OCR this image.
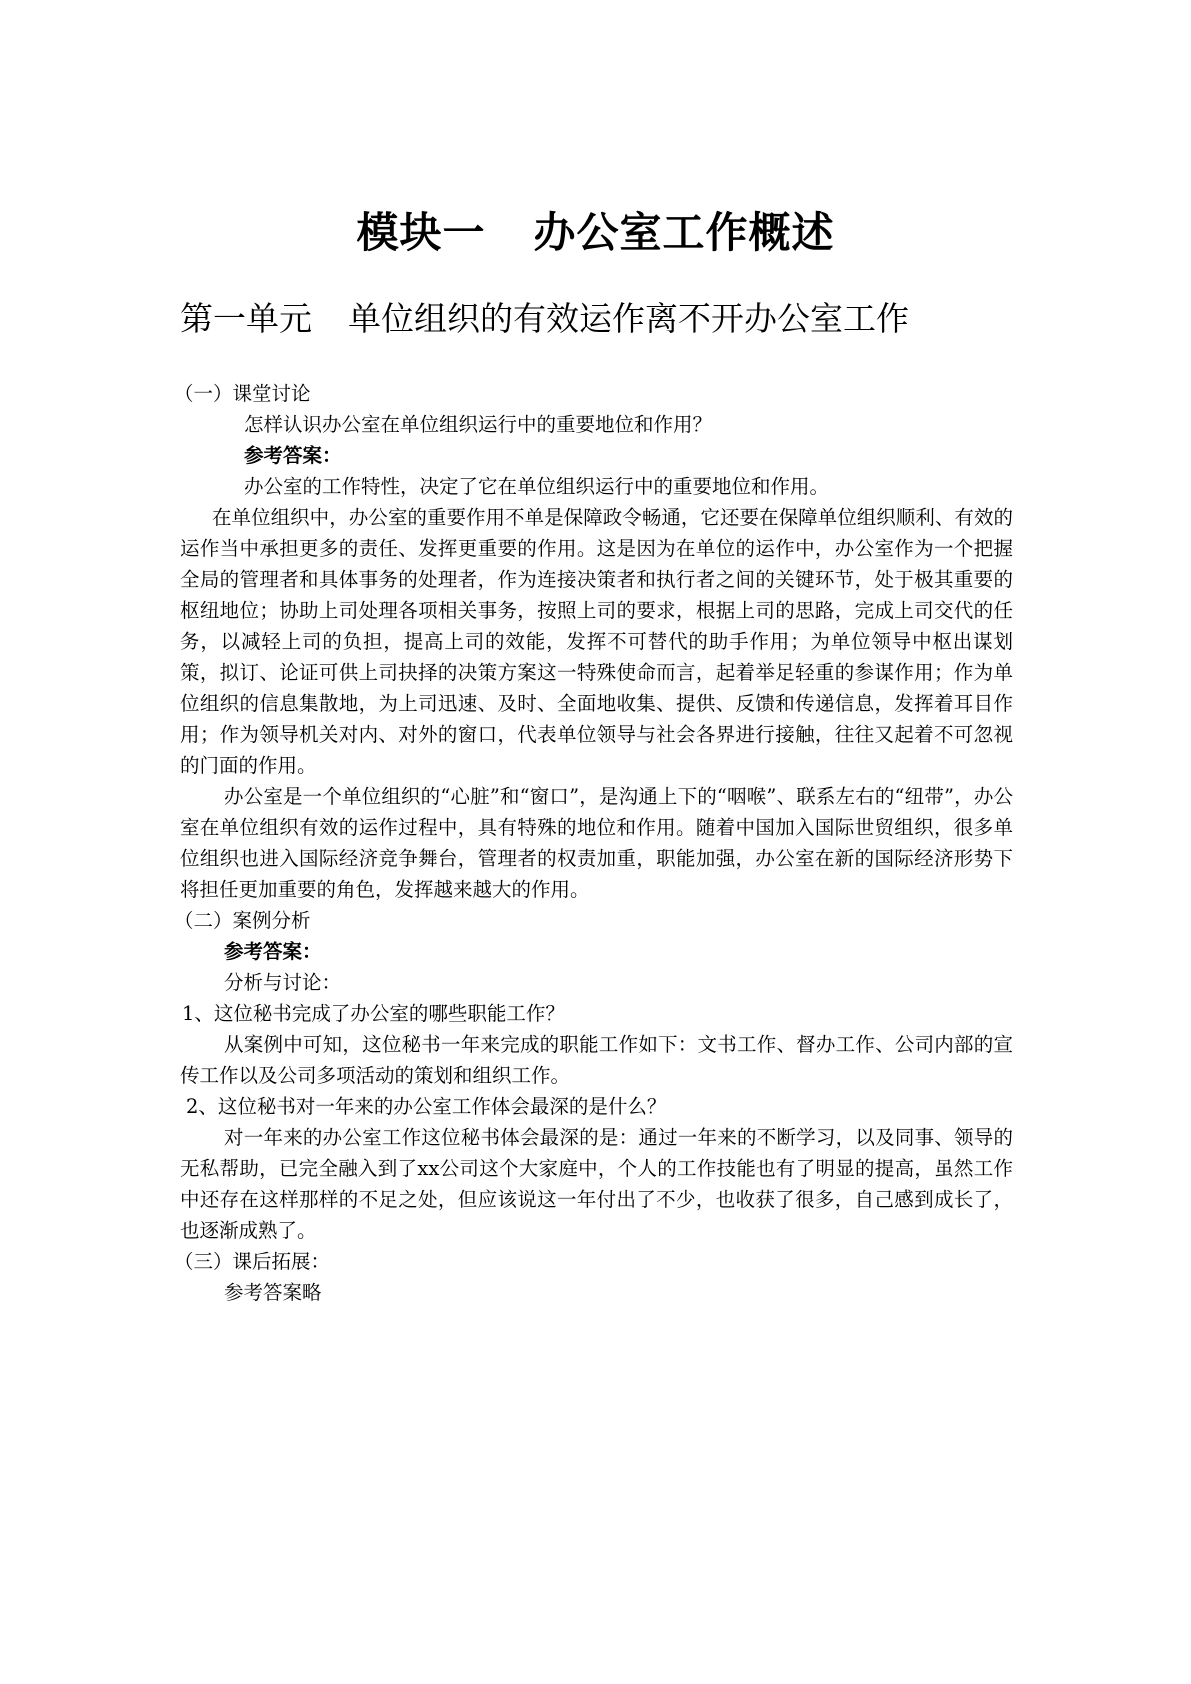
模块一 办公室工作概述
第一单元 单位组织的有效运作离不开办公室工作

（一）课堂讨论

怎样认识办公室在单位组织运行中的重要地位和作用？

参考答案：

办公室的工作特性，决定了它在单位组织运行中的重要地位和作用。

在单位组织中，办公室的重要作用不单是保障政令畅通，它还要在保障单位组织顺利、有效的运作当中承担更多的责任、发挥更重要的作用。这是因为在单位的运作中，办公室作为一个把握全局的管理者和具体事务的处理者，作为连接决策者和执行者之间的关键环节，处于极其重要的枢纽地位；协助上司处理各项相关事务，按照上司的要求，根据上司的思路，完成上司交代的任务，以减轻上司的负担，提高上司的效能，发挥不可替代的助手作用；为单位领导中枢出谋划策，拟订、论证可供上司抉择的决策方案这一特殊使命而言，起着举足轻重的参谋作用；作为单位组织的信息集散地，为上司迅速、及时、全面地收集、提供、反馈和传递信息，发挥着耳目作用；作为领导机关对内、对外的窗口，代表单位领导与社会各界进行接触，往往又起着不可忽视的门面的作用。

办公室是一个单位组织的“心脏”和“窗口”，是沟通上下的“咽喉”、联系左右的“纽带”，办公室在单位组织有效的运作过程中，具有特殊的地位和作用。随着中国加入国际世贸组织，很多单位组织也进入国际经济竞争舞台，管理者的权责加重，职能加强，办公室在新的国际经济形势下将担任更加重要的角色，发挥越来越大的作用。

（二）案例分析

参考答案：

分析与讨论：

1、这位秘书完成了办公室的哪些职能工作？

从案例中可知，这位秘书一年来完成的职能工作如下：文书工作、督办工作、公司内部的宣传工作以及公司多项活动的策划和组织工作。

2、这位秘书对一年来的办公室工作体会最深的是什么？

对一年来的办公室工作这位秘书体会最深的是：通过一年来的不断学习，以及同事、领导的无私帮助，已完全融入到了xx公司这个大家庭中，个人的工作技能也有了明显的提高，虽然工作中还存在这样那样的不足之处，但应该说这一年付出了不少，也收获了很多，自己感到成长了，也逐渐成熟了。

（三）课后拓展：

参考答案略
